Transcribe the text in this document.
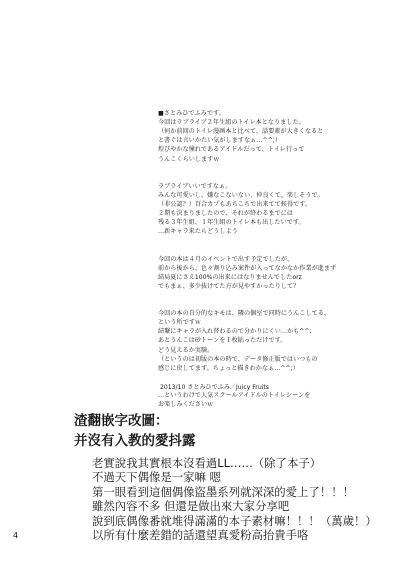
■さとみひでふみです。
今回はラブライブ２年生組のトイレ本となりました。
（何か前回のトイレ漫画本と比べて、話要素が大きくなると
と書ぐは言いかたい気がしますなぁ…^^;）
煌びやかな憧れであるアイドルだって、トイレ行って
うんこくらいしますｗ

ラブライブいいですなぁ。
みんな可愛いし、嫌なこないない、仲良くて、楽しそうで。
（非公認？）百合カプもあちこちで出来てて候得です。
２期も決まりましたので、それが終わるまでには
残る３年生組、１年生組のトイレ本も出したいです。
…新キャラ来たらどうしよう

今回の本は４月のイベントで出す予定でしたが、
前から後から、色々割り込み案件が入ってなかなか作業が進まず
結局夏にさえ100%の出来にはなりませんでしたorz
でもまぁ、多少抜けてた方が見やすかったりして？

今回の本の自分的なキモは、隣の個室で同時にうんこしてる、
という所ですｗ
結繋にキャラが入れ替わるので分かりにくい…かも^^;
あとうんこは砂トーンを１枚貼っただけです。
どう見えるか実験。
（というのは初版の本の時で、データ修正版ではいつもの
感じに戻してます。ちょっと描きわかなぁ…^^;）

…というわけで人気スクールアイドルのトイレシーンを
お楽しみくださいｗ

2013/10 さとみひでふみ／Juicy Fruits
渣翻嵌字改圖：
并沒有入教的愛抖露
老實說我其實根本沒看過LL……（除了本子）
不過天下偶像是一家嘛 嗯
第一眼看到這個偶像盜墨系列就深深的愛上了！！！
雖然內容不多 但還是做出來大家分享吧
說到底偶像番就堆得滿滿的本子素材嘛！！！（萬歲！）
以所有什麼差錯的話還望真愛粉高抬貴手咯
4
